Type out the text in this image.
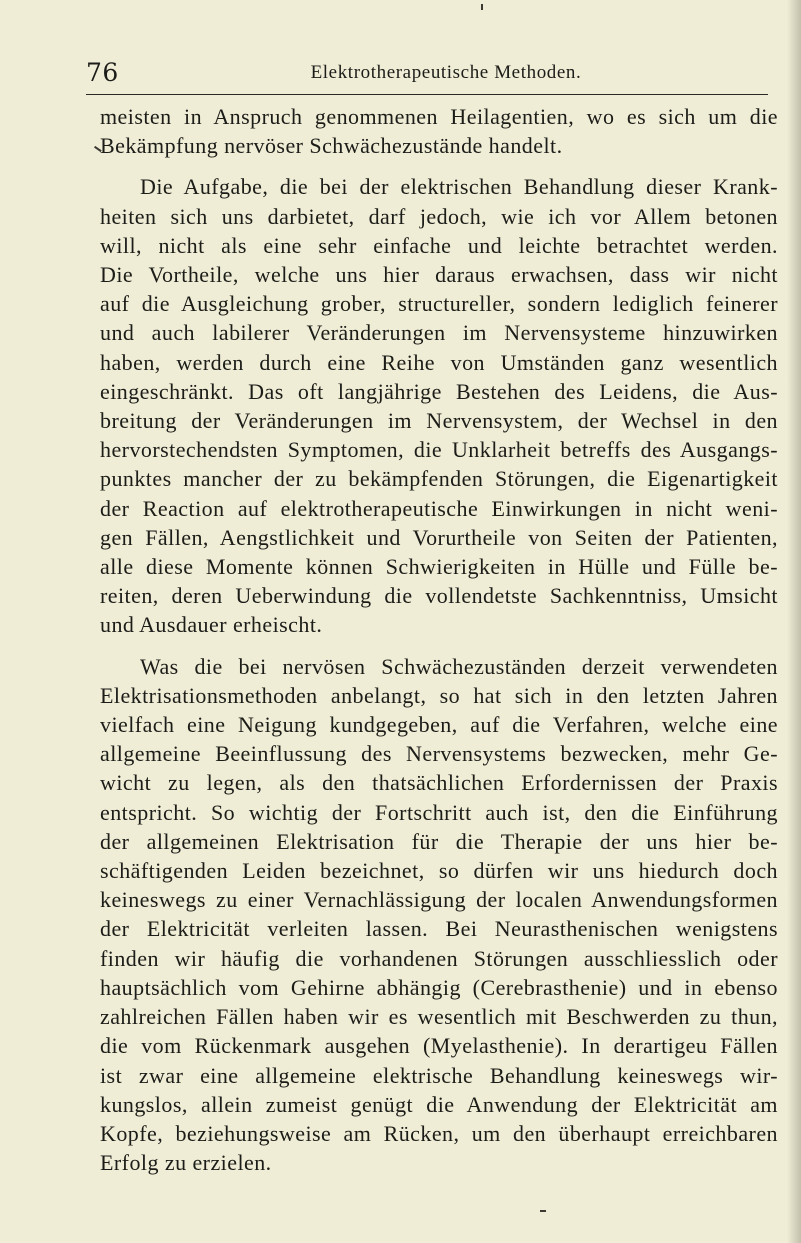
76	Elektrotherapeutische Methoden.
meisten in Anspruch genommenen Heilagentien, wo es sich um die
Bekämpfung nervöser Schwächezustände handelt.
Die Aufgabe, die bei der elektrischen Behandlung dieser Krank-
heiten sich uns darbietet, darf jedoch, wie ich vor Allem betonen
will, nicht als eine sehr einfache und leichte betrachtet werden.
Die Vortheile, welche uns hier daraus erwachsen, dass wir nicht
auf die Ausgleichung grober, structureller, sondern lediglich feinerer
und auch labilerer Veränderungen im Nervensysteme hinzuwirken
haben, werden durch eine Reihe von Umständen ganz wesentlich
eingeschränkt. Das oft langjährige Bestehen des Leidens, die Aus-
breitung der Veränderungen im Nervensystem, der Wechsel in den
hervorstechendsten Symptomen, die Unklarheit betreffs des Ausgangs-
punktes mancher der zu bekämpfenden Störungen, die Eigenartigkeit
der Reaction auf elektrotherapeutische Einwirkungen in nicht weni-
gen Fällen, Aengstlichkeit und Vorurtheile von Seiten der Patienten,
alle diese Momente können Schwierigkeiten in Hülle und Fülle be-
reiten, deren Ueberwindung die vollendetste Sachkenntniss, Umsicht
und Ausdauer erheischt.
Was die bei nervösen Schwächezuständen derzeit verwendeten
Elektrisationsmethoden anbelangt, so hat sich in den letzten Jahren
vielfach eine Neigung kundgegeben, auf die Verfahren, welche eine
allgemeine Beeinflussung des Nervensystems bezwecken, mehr Ge-
wicht zu legen, als den thatsächlichen Erfordernissen der Praxis
entspricht. So wichtig der Fortschritt auch ist, den die Einführung
der allgemeinen Elektrisation für die Therapie der uns hier be-
schäftigenden Leiden bezeichnet, so dürfen wir uns hiedurch doch
keineswegs zu einer Vernachlässigung der localen Anwendungsformen
der Elektricität verleiten lassen. Bei Neurasthenischen wenigstens
finden wir häufig die vorhandenen Störungen ausschliesslich oder
hauptsächlich vom Gehirne abhängig (Cerebrasthenie) und in ebenso
zahlreichen Fällen haben wir es wesentlich mit Beschwerden zu thun,
die vom Rückenmark ausgehen (Myelasthenie). In derartigeu Fällen
ist zwar eine allgemeine elektrische Behandlung keineswegs wir-
kungslos, allein zumeist genügt die Anwendung der Elektricität am
Kopfe, beziehungsweise am Rücken, um den überhaupt erreichbaren
Erfolg zu erzielen.
